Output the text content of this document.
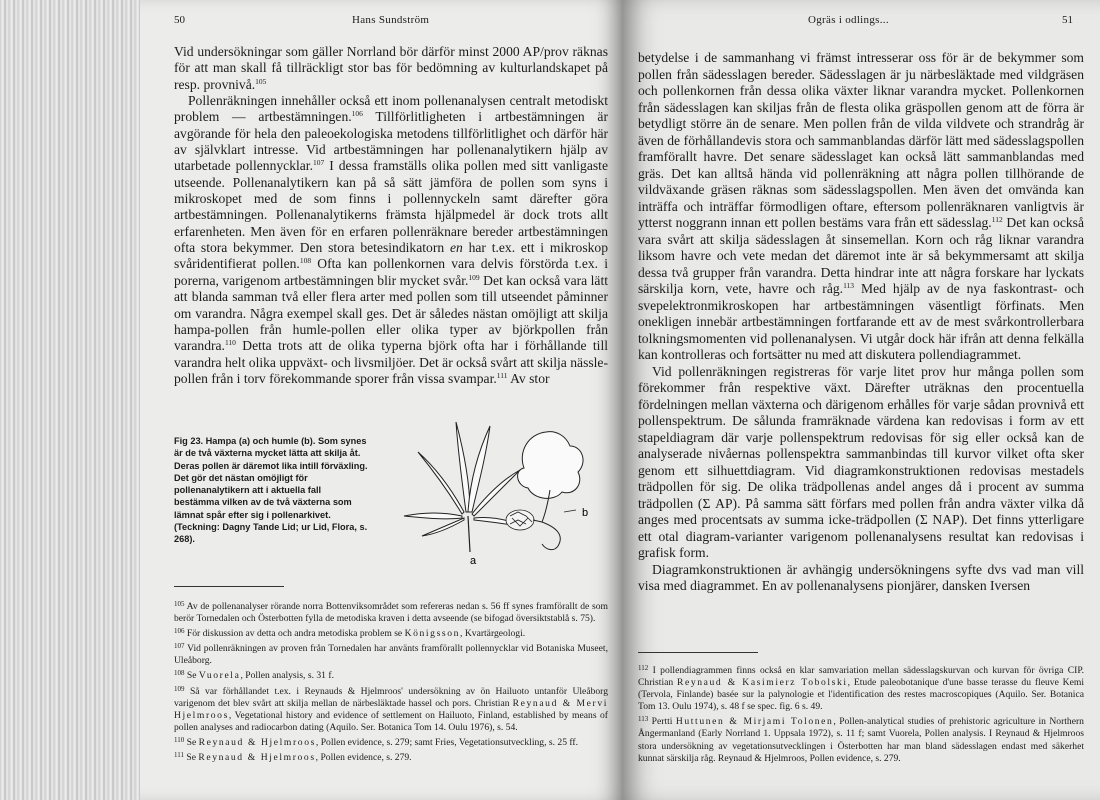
50	Hans Sundström

Vid undersökningar som gäller Norrland bör därför minst 2000 AP/prov räknas för att man skall få tillräckligt stor bas för bedömning av kulturlandskapet på resp. provnivå.$^{105}$

Pollenräkningen innehåller också ett inom pollenanalysen centralt metodiskt problem — artbestämningen.$^{106}$ Tillförlitligheten i artbestämningen är avgörande för hela den paleoekologiska metodens tillförlitlighet och därför här av självklart intresse. Vid artbestämningen har pollenanalytikern hjälp av utarbetade pollennycklar.$^{107}$ I dessa framställs olika pollen med sitt vanligaste utseende. Pollenanalytikern kan på så sätt jämföra de pollen som syns i mikroskopet med de som finns i pollennyckeln samt därefter göra artbestämningen. Pollenanalytikerns främsta hjälpmedel är dock trots allt erfarenheten. Men även för en erfaren pollenräknare bereder artbestämningen ofta stora bekymmer. Den stora betesindikatorn en har t.ex. ett i mikroskop svåridentifierat pollen.$^{108}$ Ofta kan pollenkornen vara delvis förstörda t.ex. i porerna, varigenom artbestämningen blir mycket svår.$^{109}$ Det kan också vara lätt att blanda samman två eller flera arter med pollen som till utseendet påminner om varandra. Några exempel skall ges. Det är således nästan omöjligt att skilja hampa-pollen från humle-pollen eller olika typer av björkpollen från varandra.$^{110}$ Detta trots att de olika typerna björk ofta har i förhållande till varandra helt olika uppväxt- och livsmiljöer. Det är också svårt att skilja nässle-pollen från i torv förekommande sporer från vissa svampar.$^{111}$ Av stor

Fig 23. Hampa (a) och humle (b). Som synes är de två växterna mycket lätta att skilja åt. Deras pollen är däremot lika intill förväxling. Det gör det nästan omöjligt för pollenanalytikern att i aktuella fall bestämma vilken av de två växterna som lämnat spår efter sig i pollenarkivet. (Teckning: Dagny Tande Lid; ur Lid, Flora, s. 268).
a
b

$^{105}$ Av de pollenanalyser rörande norra Bottenviksområdet som refereras nedan s. 56 ff synes framförallt de som berör Tornedalen och Österbotten fylla de metodiska kraven i detta avseende (se bifogad översiktstablå s. 75).

$^{106}$ För diskussion av detta och andra metodiska problem se Königsson, Kvartärgeologi.

$^{107}$ Vid pollenräkningen av proven från Tornedalen har använts framförallt pollennycklar vid Botaniska Museet, Uleåborg.

$^{108}$ Se Vuorela, Pollen analysis, s. 31 f.

$^{109}$ Så var förhållandet t.ex. i Reynauds & Hjelmroos' undersökning av ön Hailuoto untanför Uleåborg varigenom det blev svårt att skilja mellan de närbesläktade hassel och pors. Christian Reynaud & Mervi Hjelmroos, Vegetational history and evidence of settlement on Hailuoto, Finland, established by means of pollen analyses and radiocarbon dating (Aquilo. Ser. Botanica Tom 14. Oulu 1976), s. 54.

$^{110}$ Se Reynaud & Hjelmroos, Pollen evidence, s. 279; samt Fries, Vegetationsutveckling, s. 25 ff.

$^{111}$ Se Reynaud & Hjelmroos, Pollen evidence, s. 279.

Ogräs i odlings...	51

betydelse i de sammanhang vi främst intresserar oss för är de bekymmer som pollen från sädesslagen bereder. Sädesslagen är ju närbesläktade med vildgräsen och pollenkornen från dessa olika växter liknar varandra mycket. Pollenkornen från sädesslagen kan skiljas från de flesta olika gräspollen genom att de förra är betydligt större än de senare. Men pollen från de vilda vildvete och strandråg är även de förhållandevis stora och sammanblandas därför lätt med sädesslagspollen framförallt havre. Det senare sädesslaget kan också lätt sammanblandas med gräs. Det kan alltså hända vid pollenräkning att några pollen tillhörande de vildväxande gräsen räknas som sädesslagspollen. Men även det omvända kan inträffa och inträffar förmodligen oftare, eftersom pollenräknaren vanligtvis är ytterst noggrann innan ett pollen bestäms vara från ett sädesslag.$^{112}$ Det kan också vara svårt att skilja sädesslagen åt sinsemellan. Korn och råg liknar varandra liksom havre och vete medan det däremot inte är så bekymmersamt att skilja dessa två grupper från varandra. Detta hindrar inte att några forskare har lyckats särskilja korn, vete, havre och råg.$^{113}$ Med hjälp av de nya faskontrast- och svepelektronmikroskopen har artbestämningen väsentligt förfinats. Men onekligen innebär artbestämningen fortfarande ett av de mest svårkontrollerbara tolkningsmomenten vid pollenanalysen. Vi utgår dock här ifrån att denna felkälla kan kontrolleras och fortsätter nu med att diskutera pollendiagrammet.

Vid pollenräkningen registreras för varje litet prov hur många pollen som förekommer från respektive växt. Därefter uträknas den procentuella fördelningen mellan växterna och därigenom erhålles för varje sådan provnivå ett pollenspektrum. De sålunda framräknade värdena kan redovisas i form av ett stapeldiagram där varje pollenspektrum redovisas för sig eller också kan de analyserade nivåernas pollenspektra sammanbindas till kurvor vilket ofta sker genom ett silhuettdiagram. Vid diagramkonstruktionen redovisas mestadels trädpollen för sig. De olika trädpollenas andel anges då i procent av summa trädpollen (Σ AP). På samma sätt förfars med pollen från andra växter vilka då anges med procentsats av summa icke-trädpollen (Σ NAP). Det finns ytterligare ett otal diagram-varianter varigenom pollenanalysens resultat kan redovisas i grafisk form.

Diagramkonstruktionen är avhängig undersökningens syfte dvs vad man vill visa med diagrammet. En av pollenanalysens pionjärer, dansken Iversen

$^{112}$ I pollendiagrammen finns också en klar samvariation mellan sädesslagskurvan och kurvan för övriga CIP. Christian Reynaud & Kasimierz Tobolski, Etude paleobotanique d'une basse terasse du fleuve Kemi (Tervola, Finlande) basée sur la palynologie et l'identification des restes macroscopiques (Aquilo. Ser. Botanica Tom 13. Oulu 1974), s. 48 f se spec. fig. 6 s. 49.

$^{113}$ Pertti Huttunen & Mirjami Tolonen, Pollen-analytical studies of prehistoric agriculture in Northern Ångermanland (Early Norrland 1. Uppsala 1972), s. 11 f; samt Vuorela, Pollen analysis. I Reynaud & Hjelmroos stora undersökning av vegetationsutvecklingen i Österbotten har man bland sädesslagen endast med säkerhet kunnat särskilja råg. Reynaud & Hjelmroos, Pollen evidence, s. 279.
